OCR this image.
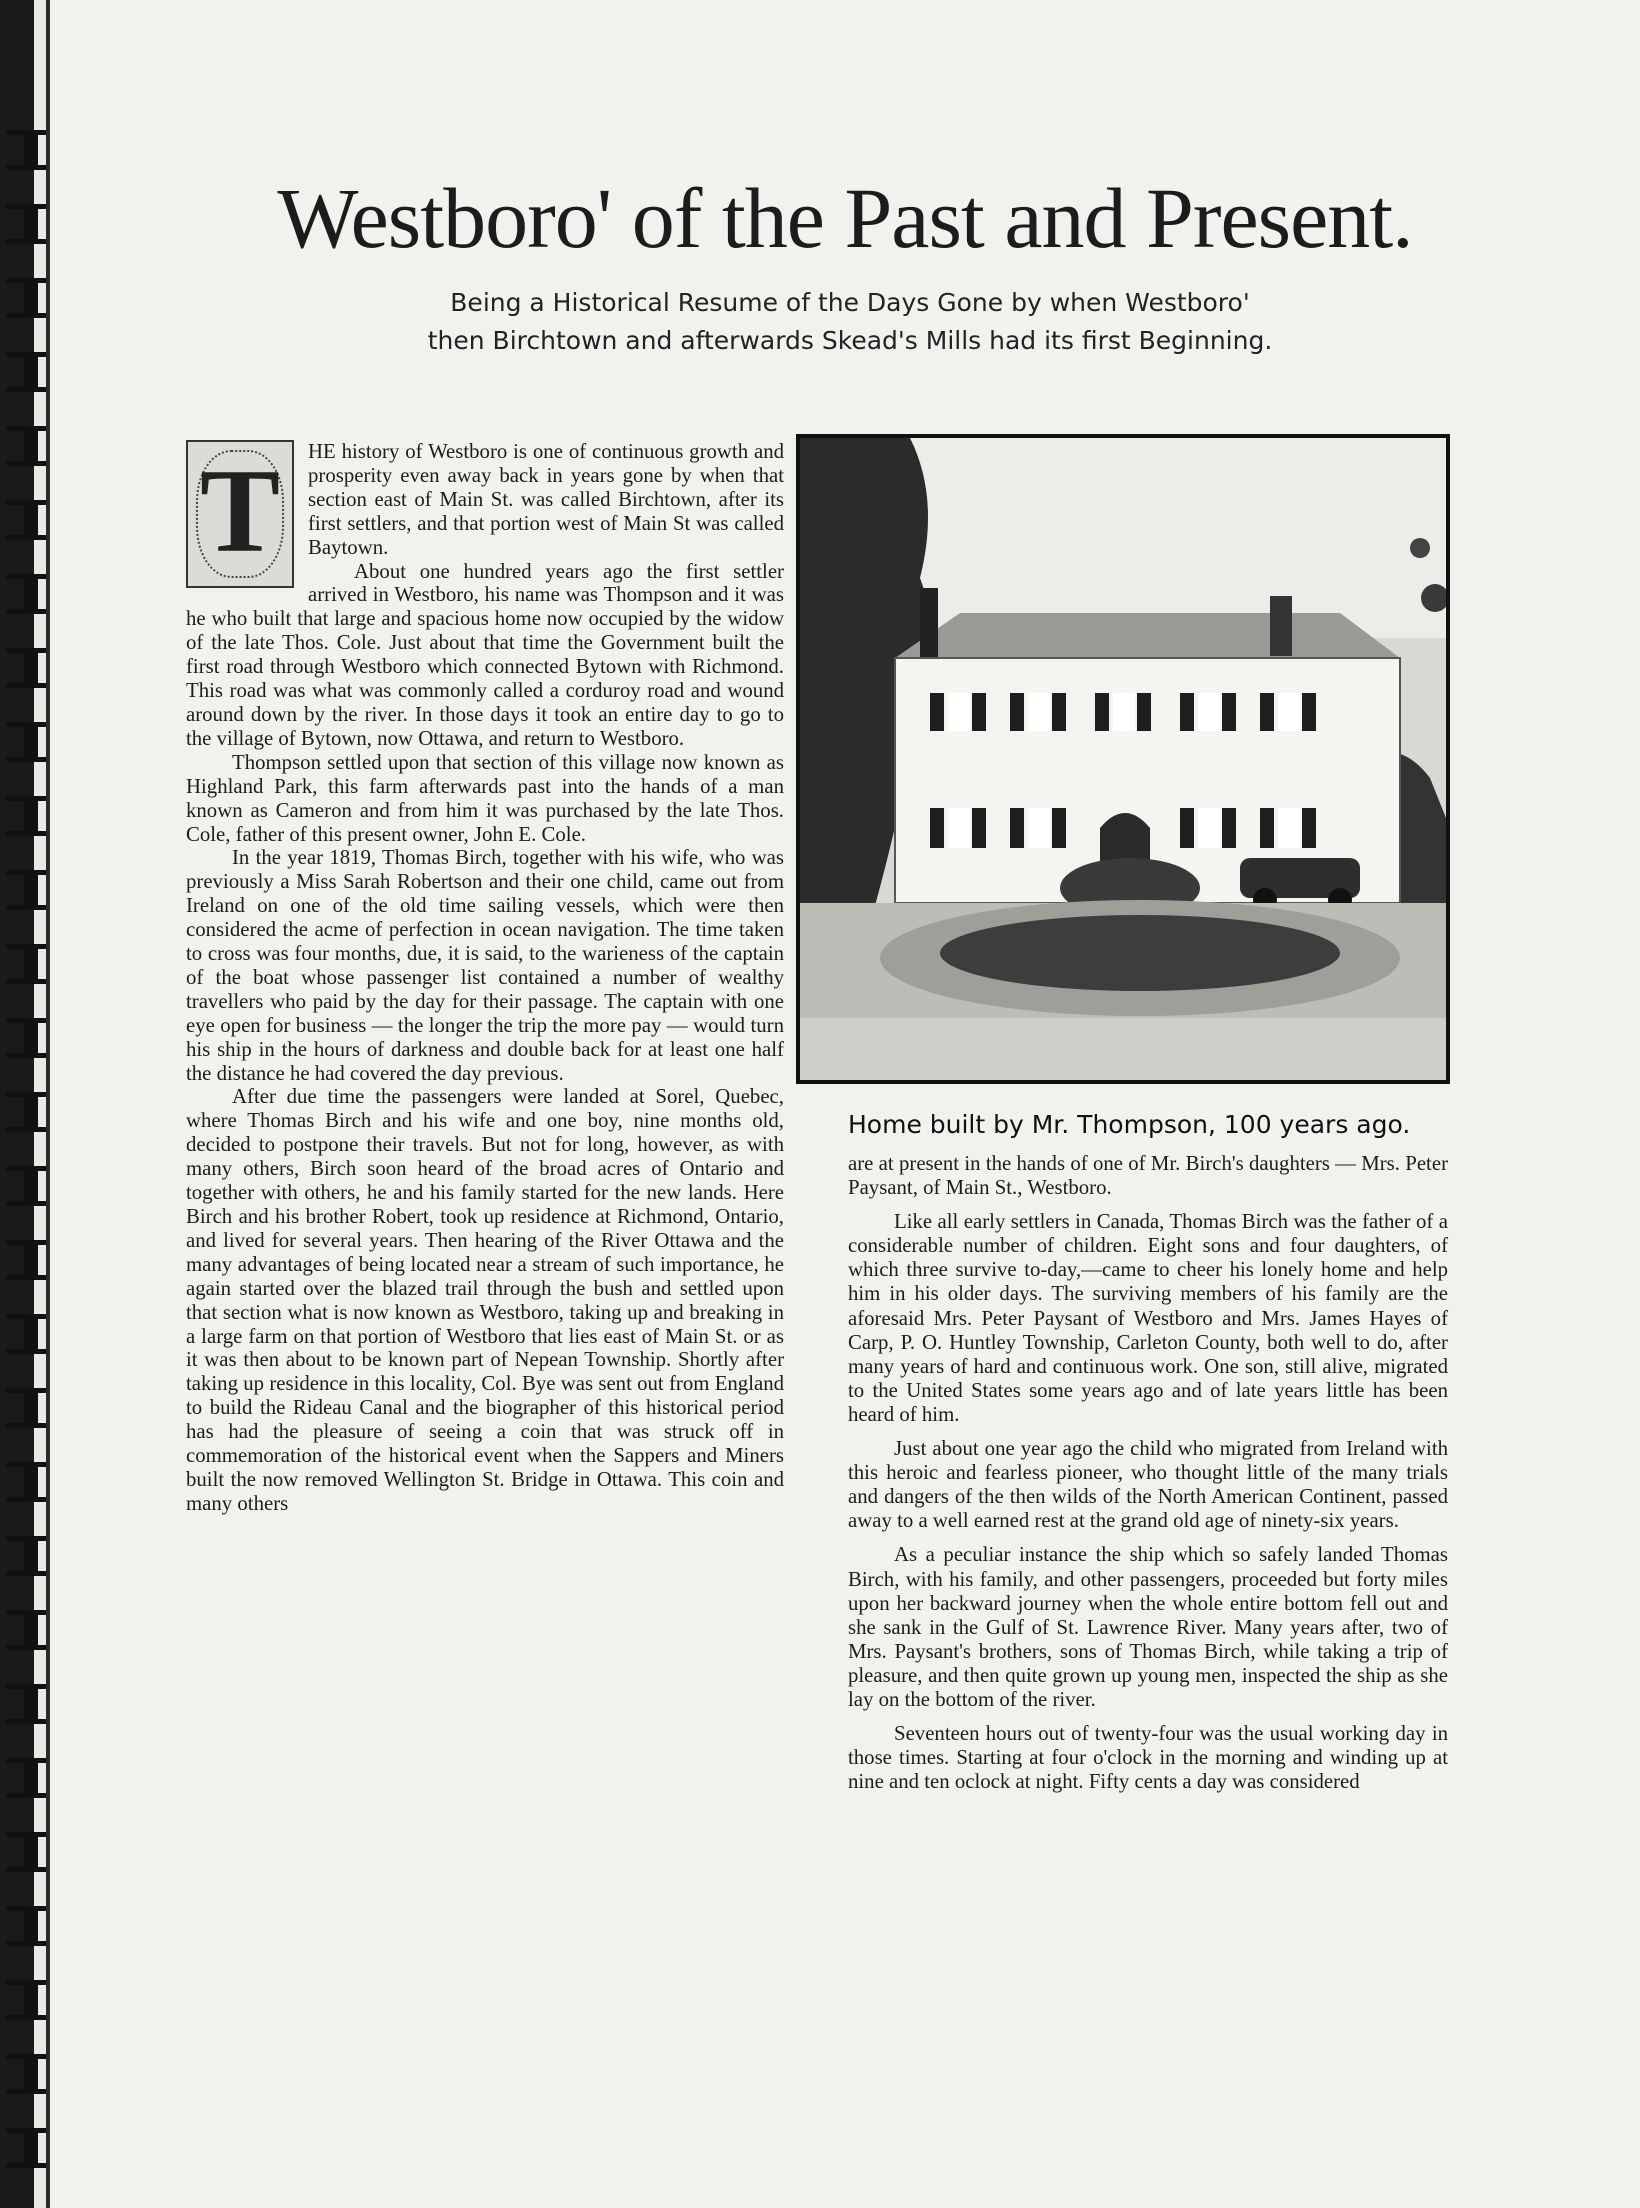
Westboro' of the Past and Present.
Being a Historical Resume of the Days Gone by when Westboro'
then Birchtown and afterwards Skead's Mills had its first Beginning.

T	HE history of Westboro is one of continuous growth and prosperity even away back in years gone by when that section east of Main St. was called Birchtown, after its first settlers, and that portion west of Main St was called Baytown.

About one hundred years ago the first settler arrived in Westboro, his name was Thompson and it was he who built that large and spacious home now occupied by the widow of the late Thos. Cole. Just about that time the Government built the first road through Westboro which connected Bytown with Richmond. This road was what was commonly called a corduroy road and wound around down by the river. In those days it took an entire day to go to the village of Bytown, now Ottawa, and return to Westboro.

Thompson settled upon that section of this village now known as Highland Park, this farm afterwards past into the hands of a man known as Cameron and from him it was purchased by the late Thos. Cole, father of this present owner, John E. Cole.

In the year 1819, Thomas Birch, together with his wife, who was previously a Miss Sarah Robertson and their one child, came out from Ireland on one of the old time sailing vessels, which were then considered the acme of perfection in ocean navigation. The time taken to cross was four months, due, it is said, to the warieness of the captain of the boat whose passenger list contained a number of wealthy travellers who paid by the day for their passage. The captain with one eye open for business — the longer the trip the more pay — would turn his ship in the hours of darkness and double back for at least one half the distance he had covered the day previous.

After due time the passengers were landed at Sorel, Quebec, where Thomas Birch and his wife and one boy, nine months old, decided to postpone their travels. But not for long, however, as with many others, Birch soon heard of the broad acres of Ontario and together with others, he and his family started for the new lands. Here Birch and his brother Robert, took up residence at Richmond, Ontario, and lived for several years. Then hearing of the River Ottawa and the many advantages of being located near a stream of such importance, he again started over the blazed trail through the bush and settled upon that section what is now known as Westboro, taking up and breaking in a large farm on that portion of Westboro that lies east of Main St. or as it was then about to be known part of Nepean Township. Shortly after taking up residence in this locality, Col. Bye was sent out from England to build the Rideau Canal and the biographer of this historical period has had the pleasure of seeing a coin that was struck off in commemoration of the historical event when the Sappers and Miners built the now removed Wellington St. Bridge in Ottawa. This coin and many others

Home built by Mr. Thompson, 100 years ago.

are at present in the hands of one of Mr. Birch's daughters — Mrs. Peter Paysant, of Main St., Westboro.

Like all early settlers in Canada, Thomas Birch was the father of a considerable number of children. Eight sons and four daughters, of which three survive to-day,—came to cheer his lonely home and help him in his older days. The surviving members of his family are the aforesaid Mrs. Peter Paysant of Westboro and Mrs. James Hayes of Carp, P. O. Huntley Township, Carleton County, both well to do, after many years of hard and continuous work. One son, still alive, migrated to the United States some years ago and of late years little has been heard of him.

Just about one year ago the child who migrated from Ireland with this heroic and fearless pioneer, who thought little of the many trials and dangers of the then wilds of the North American Continent, passed away to a well earned rest at the grand old age of ninety-six years.

As a peculiar instance the ship which so safely landed Thomas Birch, with his family, and other passengers, proceeded but forty miles upon her backward journey when the whole entire bottom fell out and she sank in the Gulf of St. Lawrence River. Many years after, two of Mrs. Paysant's brothers, sons of Thomas Birch, while taking a trip of pleasure, and then quite grown up young men, inspected the ship as she lay on the bottom of the river.

Seventeen hours out of twenty-four was the usual working day in those times. Starting at four o'clock in the morning and winding up at nine and ten oclock at night. Fifty cents a day was considered
